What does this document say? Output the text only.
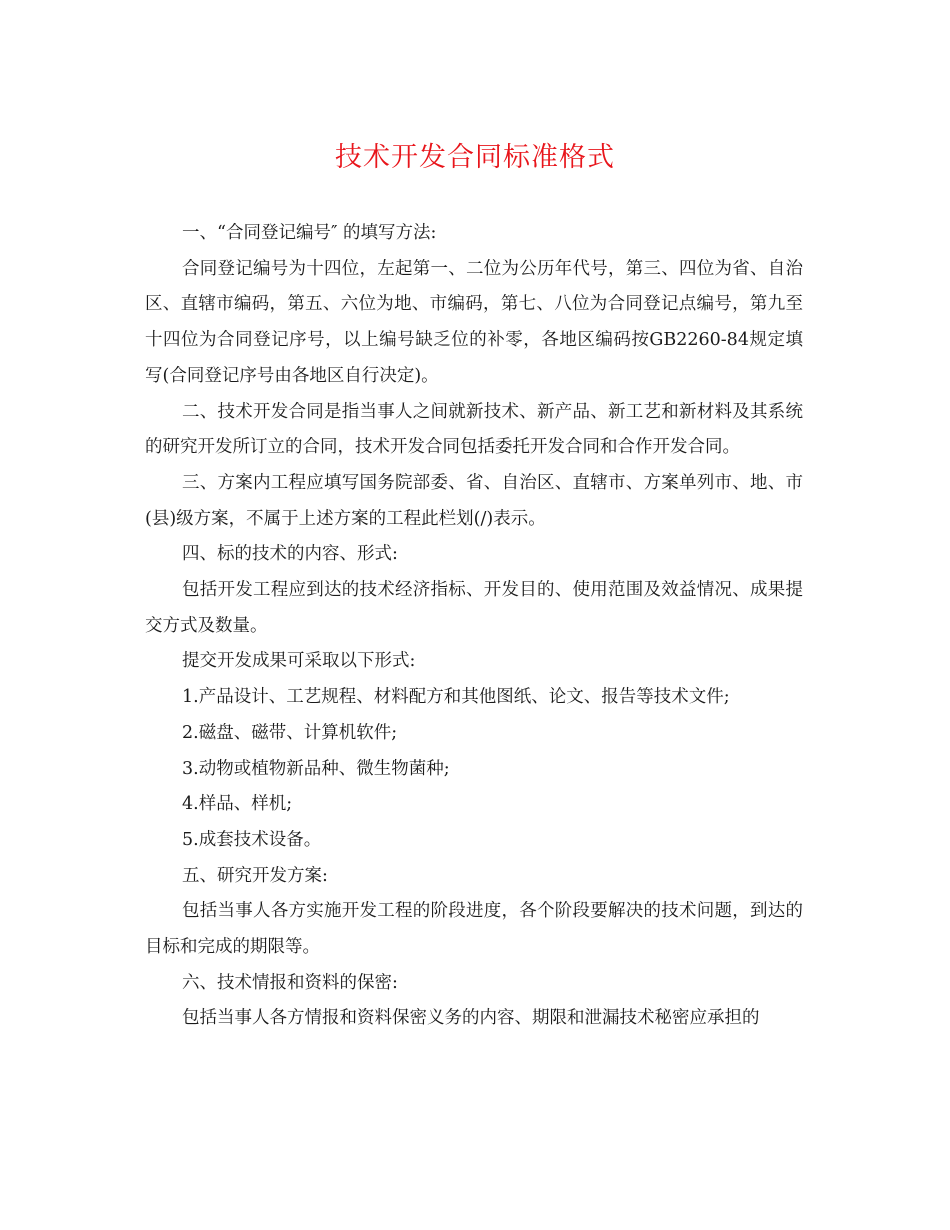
技术开发合同标准格式

一、“合同登记编号″ 的填写方法:

合同登记编号为十四位，左起第一、二位为公历年代号，第三、四位为省、自治区、直辖市编码，第五、六位为地、市编码，第七、八位为合同登记点编号，第九至十四位为合同登记序号，以上编号缺乏位的补零，各地区编码按GB2260-84规定填写(合同登记序号由各地区自行决定)。

二、技术开发合同是指当事人之间就新技术、新产品、新工艺和新材料及其系统的研究开发所订立的合同，技术开发合同包括委托开发合同和合作开发合同。

三、方案内工程应填写国务院部委、省、自治区、直辖市、方案单列市、地、市(县)级方案，不属于上述方案的工程此栏划(/)表示。

四、标的技术的内容、形式:

包括开发工程应到达的技术经济指标、开发目的、使用范围及效益情况、成果提交方式及数量。

提交开发成果可采取以下形式:

1.产品设计、工艺规程、材料配方和其他图纸、论文、报告等技术文件;

2.磁盘、磁带、计算机软件;

3.动物或植物新品种、微生物菌种;

4.样品、样机;

5.成套技术设备。

五、研究开发方案:

包括当事人各方实施开发工程的阶段进度，各个阶段要解决的技术问题，到达的目标和完成的期限等。

六、技术情报和资料的保密:

包括当事人各方情报和资料保密义务的内容、期限和泄漏技术秘密应承担的
